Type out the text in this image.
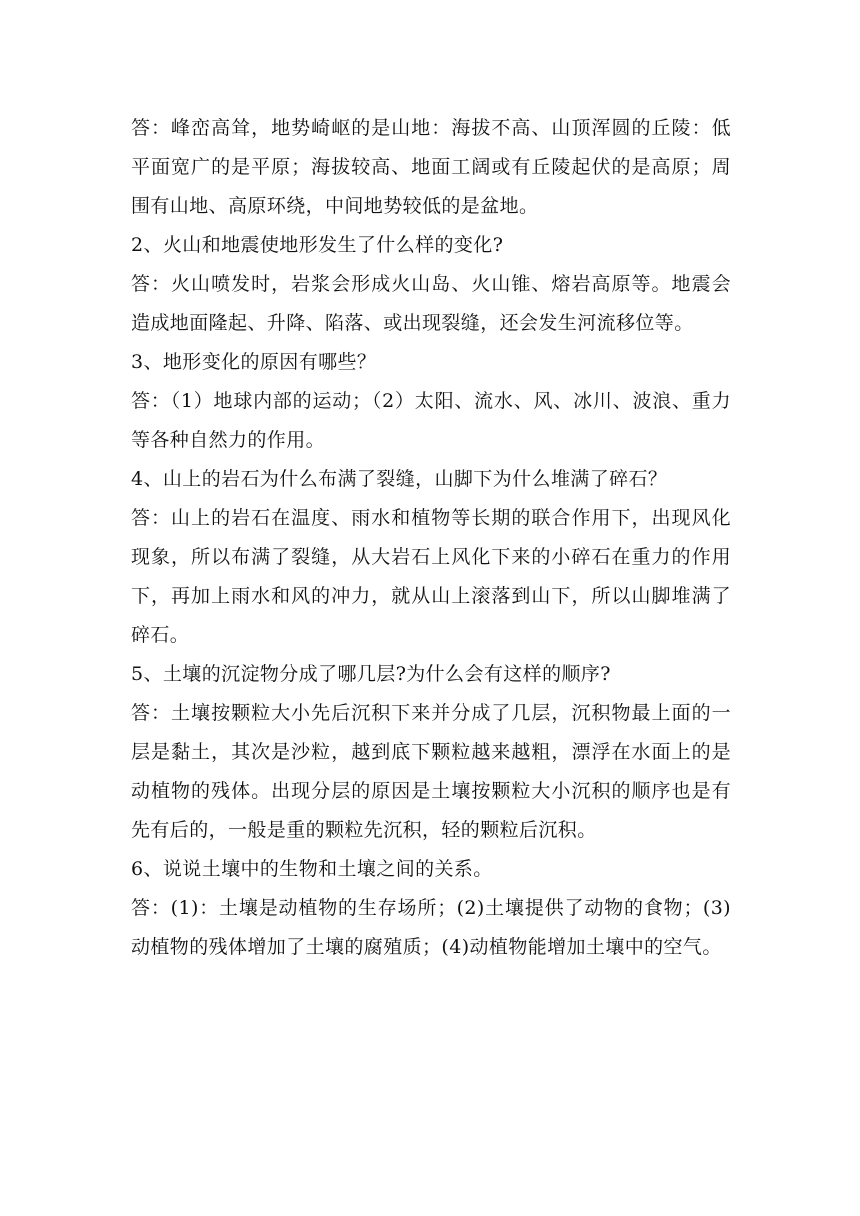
答：峰峦高耸，地势崎岖的是山地：海拔不高、山顶浑圆的丘陵：低平面宽广的是平原；海拔较高、地面工阔或有丘陵起伏的是高原；周围有山地、高原环绕，中间地势较低的是盆地。

2、火山和地震使地形发生了什么样的变化?

答：火山喷发时，岩浆会形成火山岛、火山锥、熔岩高原等。地震会造成地面隆起、升降、陷落、或出现裂缝，还会发生河流移位等。

3、地形变化的原因有哪些？

答：（1）地球内部的运动；（2）太阳、流水、风、冰川、波浪、重力等各种自然力的作用。

4、山上的岩石为什么布满了裂缝，山脚下为什么堆满了碎石？

答：山上的岩石在温度、雨水和植物等长期的联合作用下，出现风化现象，所以布满了裂缝，从大岩石上风化下来的小碎石在重力的作用下，再加上雨水和风的冲力，就从山上滚落到山下，所以山脚堆满了碎石。

5、土壤的沉淀物分成了哪几层?为什么会有这样的顺序?

答：土壤按颗粒大小先后沉积下来并分成了几层，沉积物最上面的一层是黏土，其次是沙粒，越到底下颗粒越来越粗，漂浮在水面上的是动植物的残体。出现分层的原因是土壤按颗粒大小沉积的顺序也是有先有后的，一般是重的颗粒先沉积，轻的颗粒后沉积。

6、说说土壤中的生物和土壤之间的关系。

答：(1)：土壤是动植物的生存场所；(2)土壤提供了动物的食物；(3)动植物的残体增加了土壤的腐殖质；(4)动植物能增加土壤中的空气。
